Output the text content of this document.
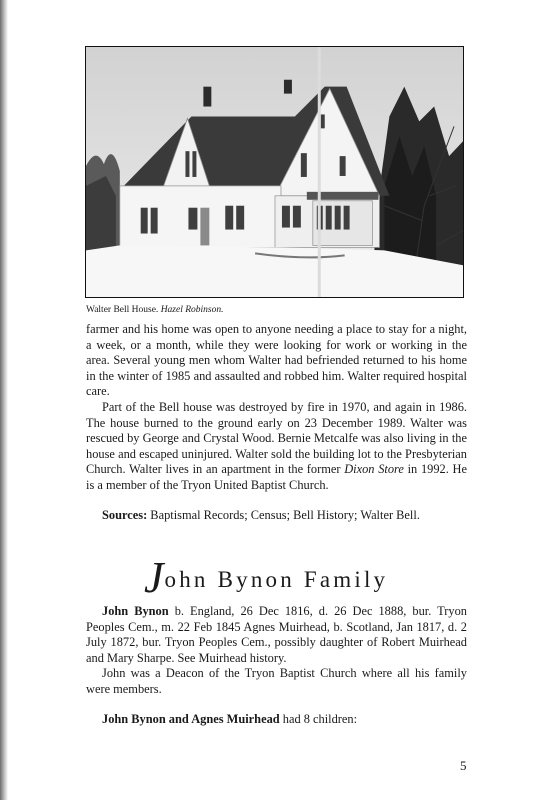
Walter Bell House. Hazel Robinson.

farmer and his home was open to anyone needing a place to stay for a night, a week, or a month, while they were looking for work or working in the area. Several young men whom Walter had befriended returned to his home in the winter of 1985 and assaulted and robbed him. Walter required hospital care.

Part of the Bell house was destroyed by fire in 1970, and again in 1986. The house burned to the ground early on 23 December 1989. Walter was rescued by George and Crystal Wood. Bernie Metcalfe was also living in the house and escaped uninjured. Walter sold the building lot to the Presbyterian Church. Walter lives in an apartment in the former Dixon Store in 1992. He is a member of the Tryon United Baptist Church.

Sources: Baptismal Records; Census; Bell History; Walter Bell.

John Bynon Family

John Bynon b. England, 26 Dec 1816, d. 26 Dec 1888, bur. Tryon Peoples Cem., m. 22 Feb 1845 Agnes Muirhead, b. Scotland, Jan 1817, d. 2 July 1872, bur. Tryon Peoples Cem., possibly daughter of Robert Muirhead and Mary Sharpe. See Muirhead history.

John was a Deacon of the Tryon Baptist Church where all his family were members.

John Bynon and Agnes Muirhead had 8 children:

5
